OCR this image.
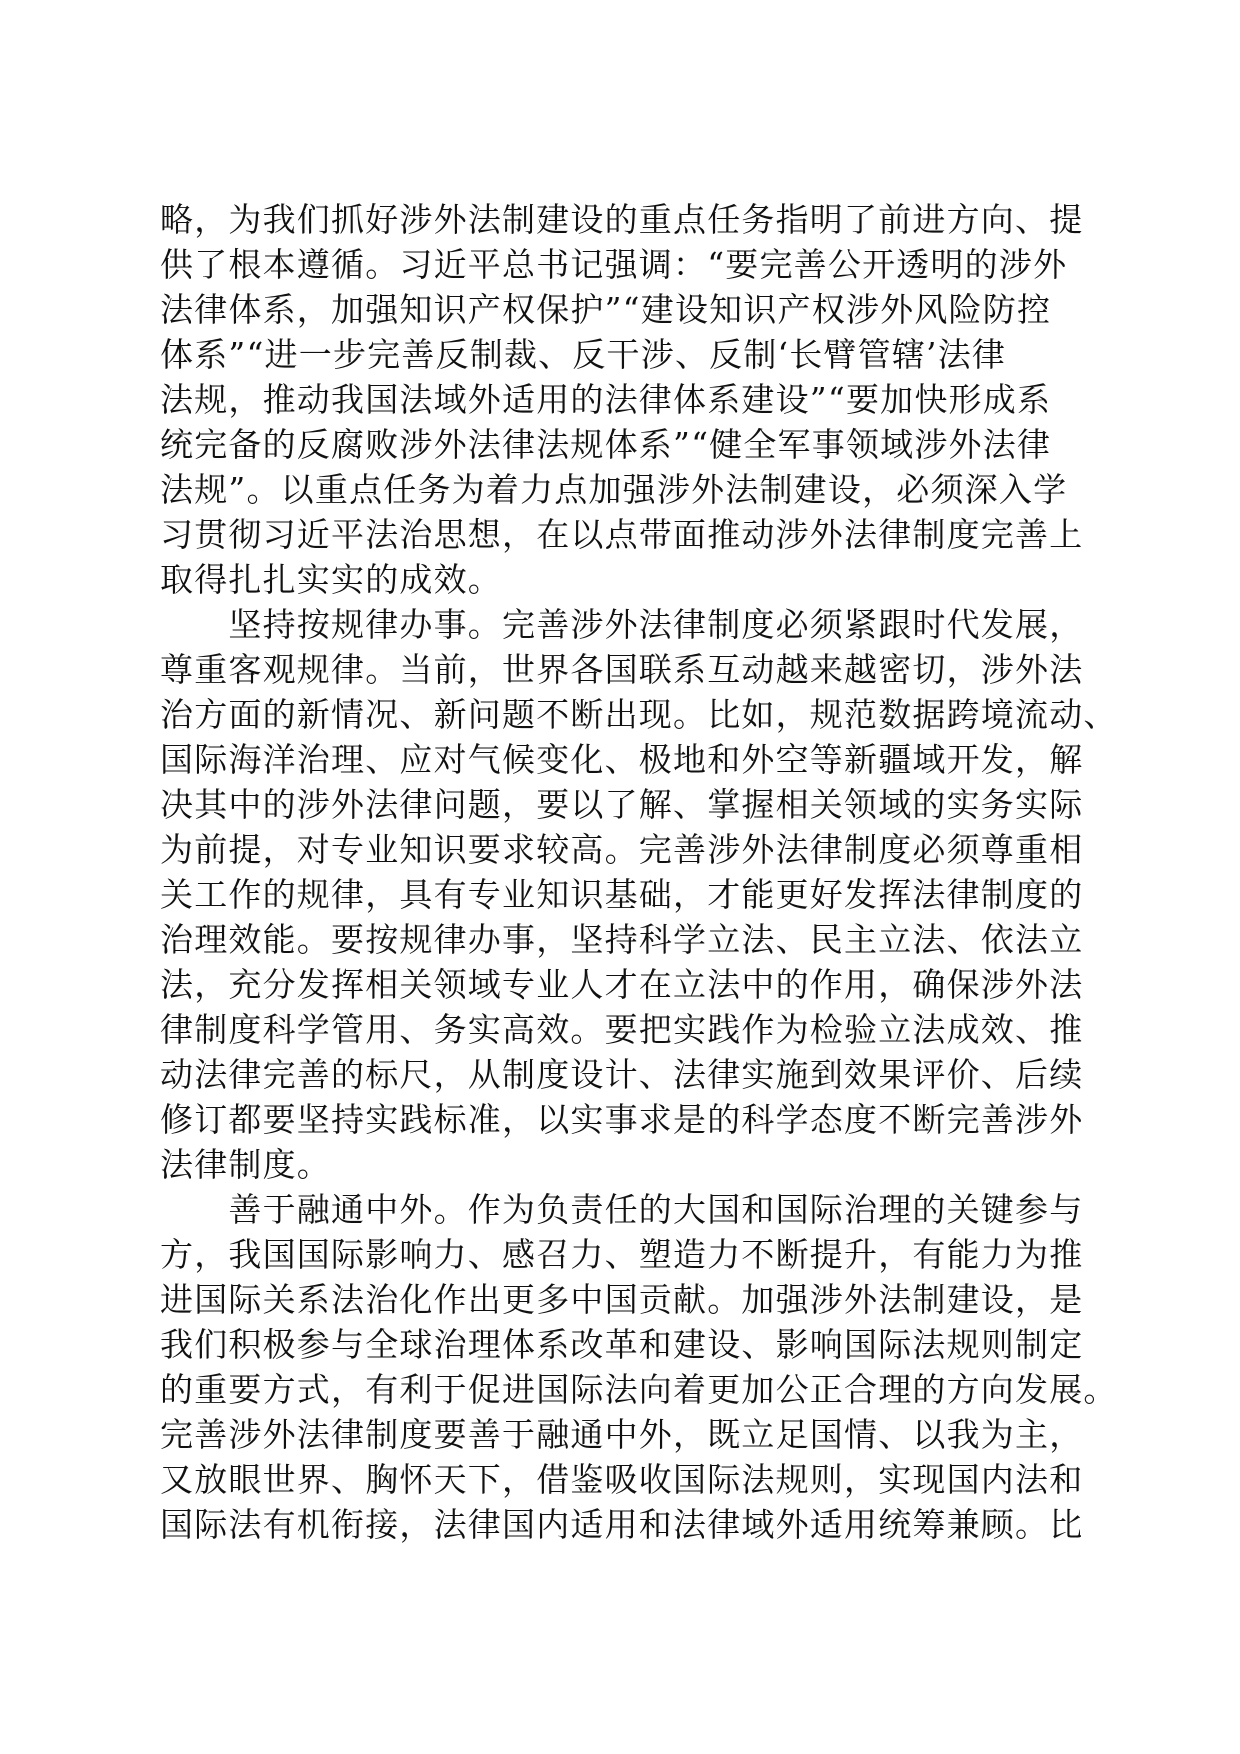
略，为我们抓好涉外法制建设的重点任务指明了前进方向、提
供了根本遵循。习近平总书记强调：“要完善公开透明的涉外
法律体系，加强知识产权保护”“建设知识产权涉外风险防控
体系”“进一步完善反制裁、反干涉、反制‘长臂管辖’法律
法规，推动我国法域外适用的法律体系建设”“要加快形成系
统完备的反腐败涉外法律法规体系”“健全军事领域涉外法律
法规”。以重点任务为着力点加强涉外法制建设，必须深入学
习贯彻习近平法治思想，在以点带面推动涉外法律制度完善上
取得扎扎实实的成效。
　　坚持按规律办事。完善涉外法律制度必须紧跟时代发展，
尊重客观规律。当前，世界各国联系互动越来越密切，涉外法
治方面的新情况、新问题不断出现。比如，规范数据跨境流动、
国际海洋治理、应对气候变化、极地和外空等新疆域开发，解
决其中的涉外法律问题，要以了解、掌握相关领域的实务实际
为前提，对专业知识要求较高。完善涉外法律制度必须尊重相
关工作的规律，具有专业知识基础，才能更好发挥法律制度的
治理效能。要按规律办事，坚持科学立法、民主立法、依法立
法，充分发挥相关领域专业人才在立法中的作用，确保涉外法
律制度科学管用、务实高效。要把实践作为检验立法成效、推
动法律完善的标尺，从制度设计、法律实施到效果评价、后续
修订都要坚持实践标准，以实事求是的科学态度不断完善涉外
法律制度。
　　善于融通中外。作为负责任的大国和国际治理的关键参与
方，我国国际影响力、感召力、塑造力不断提升，有能力为推
进国际关系法治化作出更多中国贡献。加强涉外法制建设，是
我们积极参与全球治理体系改革和建设、影响国际法规则制定
的重要方式，有利于促进国际法向着更加公正合理的方向发展。
完善涉外法律制度要善于融通中外，既立足国情、以我为主，
又放眼世界、胸怀天下，借鉴吸收国际法规则，实现国内法和
国际法有机衔接，法律国内适用和法律域外适用统筹兼顾。比
